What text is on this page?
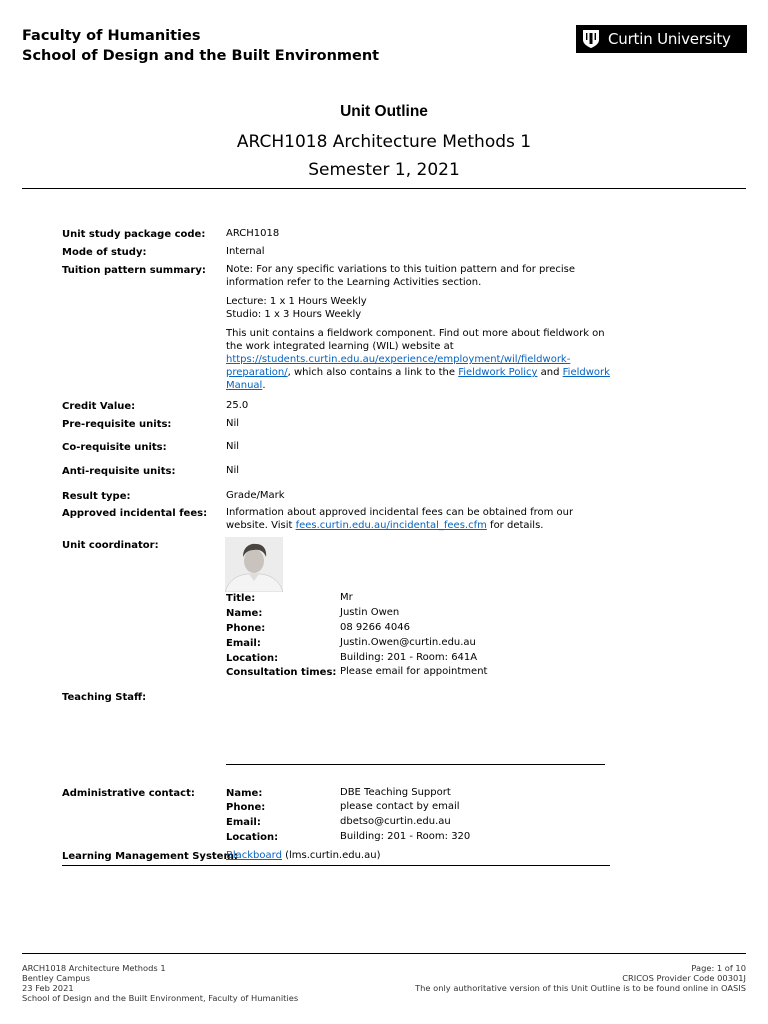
Faculty of Humanities
School of Design and the Built Environment
Curtin University
Unit Outline
ARCH1018 Architecture Methods 1
Semester 1, 2021
Unit study package code: ARCH1018
Mode of study:	Internal
Tuition pattern summary: Note: For any specific variations to this tuition pattern and for precise information refer to the Learning Activities section.
Lecture: 1 x 1 Hours Weekly
Studio: 1 x 3 Hours Weekly
This unit contains a fieldwork component. Find out more about fieldwork on the work integrated learning (WIL) website at https://students.curtin.edu.au/experience/employment/wil/fieldwork-preparation/, which also contains a link to the Fieldwork Policy and Fieldwork Manual.
Credit Value:	25.0
Pre-requisite units:	Nil
Co-requisite units:	Nil
Anti-requisite units:	Nil
Result type:	Grade/Mark
Approved incidental fees: Information about approved incidental fees can be obtained from our website. Visit fees.curtin.edu.au/incidental_fees.cfm for details.
Unit coordinator:
Title:	Mr
Name:	Justin Owen
Phone:	08 9266 4046
Email:	Justin.Owen@curtin.edu.au
Location:	Building: 201 - Room: 641A
Consultation times: Please email for appointment
Teaching Staff:
Administrative contact:	Name:	DBE Teaching Support
Phone:	please contact by email
Email:	dbetso@curtin.edu.au
Location:	Building: 201 - Room: 320
Learning Management System:
Blackboard (lms.curtin.edu.au)
ARCH1018 Architecture Methods 1
Bentley Campus
23 Feb 2021
School of Design and the Built Environment, Faculty of Humanities
Page: 1 of 10
CRICOS Provider Code 00301J
The only authoritative version of this Unit Outline is to be found online in OASIS
